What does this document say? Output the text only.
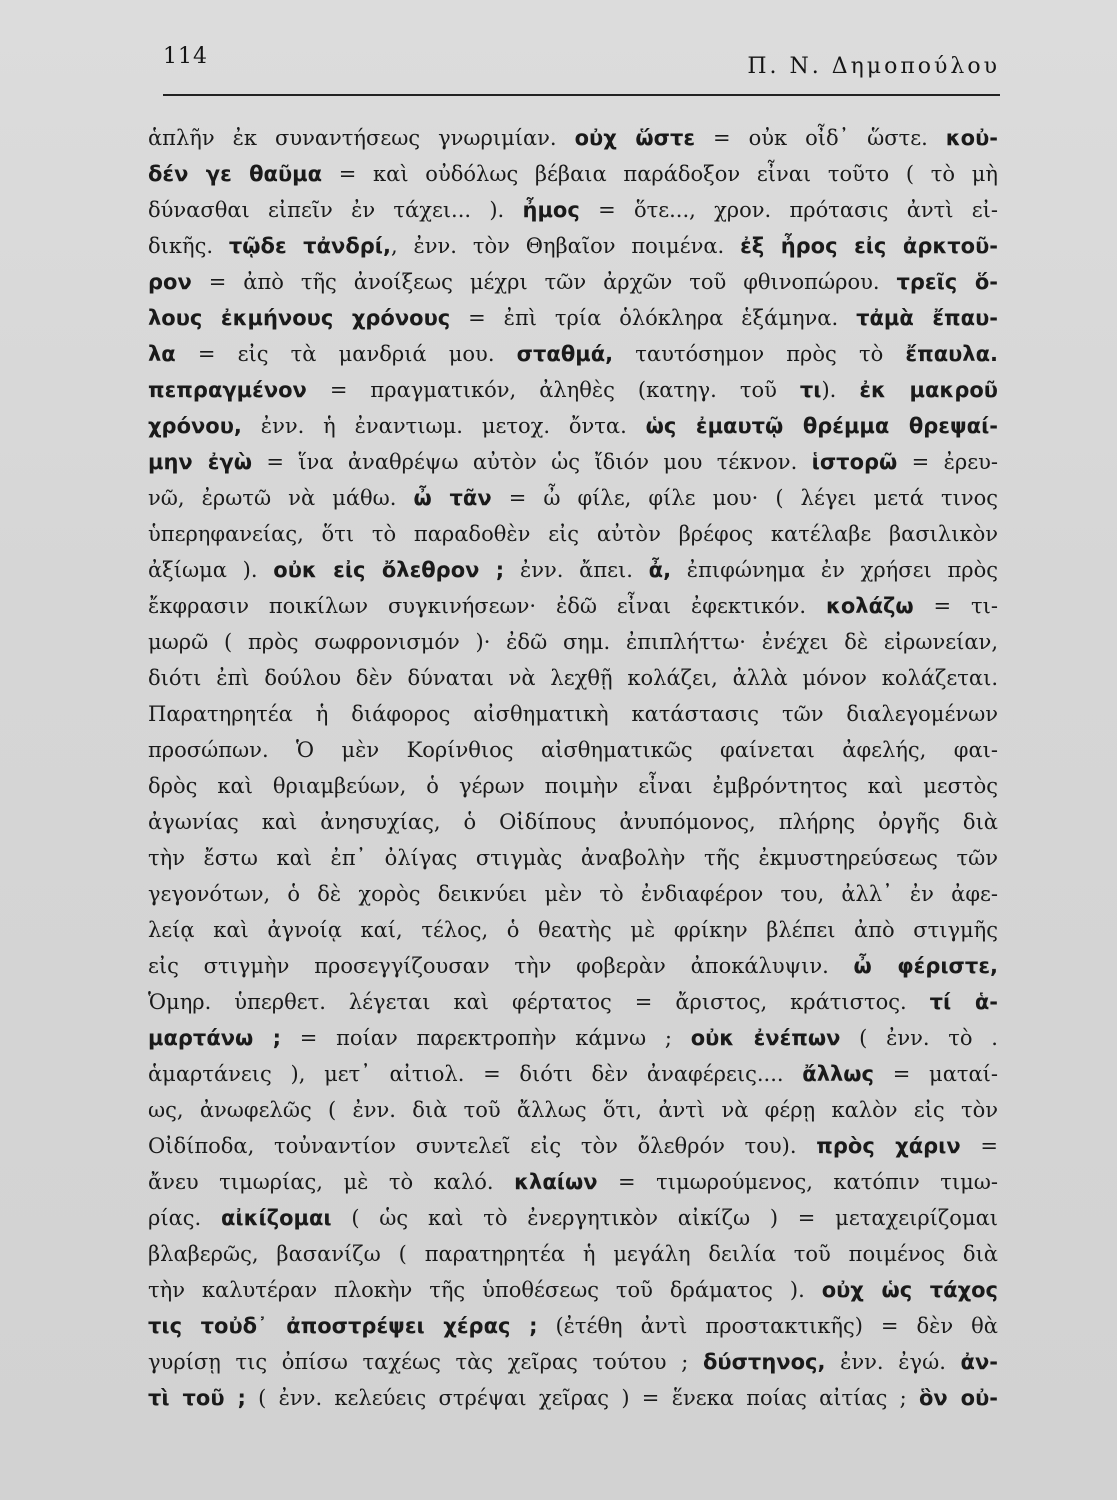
114	Π. Ν. Δημοπούλου
ἁπλῆν ἐκ συναντήσεως γνωριμίαν. οὐχ ὥστε = οὐκ οἶδ᾽ ὥστε. κοὐ-
δέν γε θαῦμα = καὶ οὐδόλως βέβαια παράδοξον εἶναι τοῦτο ( τὸ μὴ
δύνασθαι εἰπεῖν ἐν τάχει... ). ἦμος = ὅτε..., χρον. πρότασις ἀντὶ εἰ-
δικῆς. τῷδε τἀνδρί,, ἐνν. τὸν Θηβαῖον ποιμένα. ἐξ ἦρος εἰς ἀρκτοῦ-
ρον = ἀπὸ τῆς ἀνοίξεως μέχρι τῶν ἀρχῶν τοῦ φθινοπώρου. τρεῖς ὅ-
λους ἐκμήνους χρόνους = ἐπὶ τρία ὁλόκληρα ἑξάμηνα. τἀμὰ ἔπαυ-
λα = εἰς τὰ μανδριά μου. σταθμά, ταυτόσημον πρὸς τὸ ἔπαυλα.
πεπραγμένον = πραγματικόν, ἀληθὲς (κατηγ. τοῦ τι). ἐκ μακροῦ
χρόνου, ἐνν. ἡ ἐναντιωμ. μετοχ. ὄντα. ὡς ἐμαυτῷ θρέμμα θρεψαί-
μην ἐγὼ = ἵνα ἀναθρέψω αὐτὸν ὡς ἴδιόν μου τέκνον. ἱστορῶ = ἐρευ-
νῶ, ἐρωτῶ νὰ μάθω. ὦ τᾶν = ὦ φίλε, φίλε μου· ( λέγει μετά τινος
ὑπερηφανείας, ὅτι τὸ παραδοθὲν εἰς αὐτὸν βρέφος κατέλαβε βασιλικὸν
ἀξίωμα ). οὐκ εἰς ὄλεθρον ; ἐνν. ἄπει. ἆ, ἐπιφώνημα ἐν χρήσει πρὸς
ἔκφρασιν ποικίλων συγκινήσεων· ἐδῶ εἶναι ἐφεκτικόν. κολάζω = τι-
μωρῶ ( πρὸς σωφρονισμόν )· ἐδῶ σημ. ἐπιπλήττω· ἐνέχει δὲ εἰρωνείαν,
διότι ἐπὶ δούλου δὲν δύναται νὰ λεχθῇ κολάζει, ἀλλὰ μόνον κολάζεται.
Παρατηρητέα ἡ διάφορος αἰσθηματικὴ κατάστασις τῶν διαλεγομένων
προσώπων. Ὁ μὲν Κορίνθιος αἰσθηματικῶς φαίνεται ἀφελής, φαι-
δρὸς καὶ θριαμβεύων, ὁ γέρων ποιμὴν εἶναι ἐμβρόντητος καὶ μεστὸς
ἀγωνίας καὶ ἀνησυχίας, ὁ Οἰδίπους ἀνυπόμονος, πλήρης ὀργῆς διὰ
τὴν ἔστω καὶ ἐπ᾽ ὀλίγας στιγμὰς ἀναβολὴν τῆς ἐκμυστηρεύσεως τῶν
γεγονότων, ὁ δὲ χορὸς δεικνύει μὲν τὸ ἐνδιαφέρον του, ἀλλ᾽ ἐν ἀφε-
λείᾳ καὶ ἀγνοίᾳ καί, τέλος, ὁ θεατὴς μὲ φρίκην βλέπει ἀπὸ στιγμῆς
εἰς στιγμὴν προσεγγίζουσαν τὴν φοβερὰν ἀποκάλυψιν. ὦ φέριστε,
Ὁμηρ. ὑπερθετ. λέγεται καὶ φέρτατος = ἄριστος, κράτιστος. τί ἁ-
μαρτάνω ; = ποίαν παρεκτροπὴν κάμνω ; οὐκ ἐνέπων ( ἐνν. τὸ .
ἁμαρτάνεις ), μετ᾽ αἰτιολ. = διότι δὲν ἀναφέρεις.... ἄλλως = ματαί-
ως, ἀνωφελῶς ( ἐνν. διὰ τοῦ ἄλλως ὅτι, ἀντὶ νὰ φέρῃ καλὸν εἰς τὸν
Οἰδίποδα, τοὐναντίον συντελεῖ εἰς τὸν ὄλεθρόν του). πρὸς χάριν =
ἄνευ τιμωρίας, μὲ τὸ καλό. κλαίων = τιμωρούμενος, κατόπιν τιμω-
ρίας. αἰκίζομαι ( ὡς καὶ τὸ ἐνεργητικὸν αἰκίζω ) = μεταχειρίζομαι
βλαβερῶς, βασανίζω ( παρατηρητέα ἡ μεγάλη δειλία τοῦ ποιμένος διὰ
τὴν καλυτέραν πλοκὴν τῆς ὑποθέσεως τοῦ δράματος ). οὐχ ὡς τάχος
τις τοὐδ᾽ ἀποστρέψει χέρας ; (ἐτέθη ἀντὶ προστακτικῆς) = δὲν θὰ
γυρίσῃ τις ὀπίσω ταχέως τὰς χεῖρας τούτου ; δύστηνος, ἐνν. ἐγώ. ἀν-
τὶ τοῦ ; ( ἐνν. κελεύεις στρέψαι χεῖρας ) = ἕνεκα ποίας αἰτίας ; ὃν οὐ-
